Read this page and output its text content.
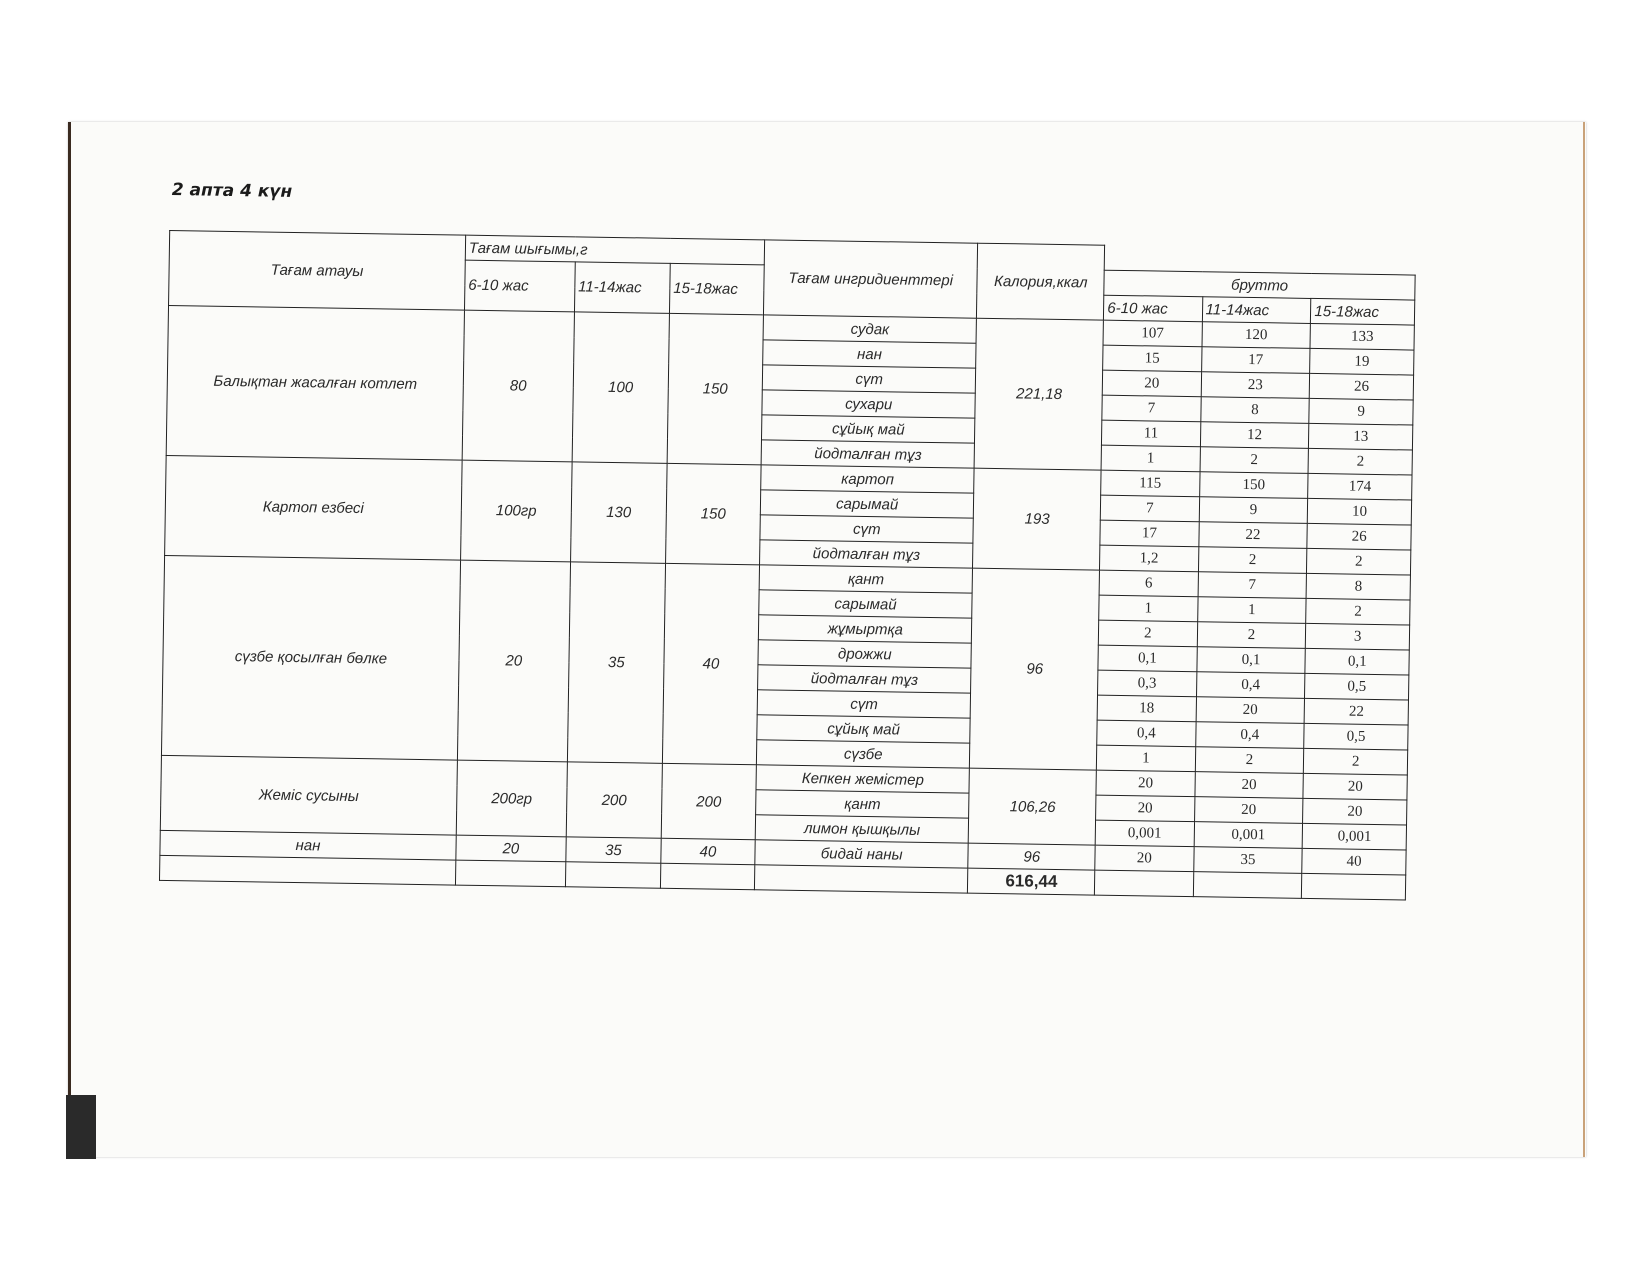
2 апта 4 күн
Тағам атауы	Тағам шығымы,г			Тағам ингридиенттері	Калория,ккал			
	6-10 жас	11-14жас	15-18жас			брутто		
						6-10 жас	11-14жас	15-18жас
Балықтан жасалған котлет	80	100	150	судак	221,18	107	120	133
				нан		15	17	19
				сүт		20	23	26
				сухари		7	8	9
				сұйық май		11	12	13
				йодталған тұз		1	2	2
Картоп езбесі	100гр	130	150	картоп	193	115	150	174
				сарымай		7	9	10
				сүт		17	22	26
				йодталған тұз		1,2	2	2
сүзбе қосылған бөлке	20	35	40	қант	96	6	7	8
				сарымай		1	1	2
				жұмыртқа		2	2	3
				дрожжи		0,1	0,1	0,1
				йодталған тұз		0,3	0,4	0,5
				сүт		18	20	22
				сұйық май		0,4	0,4	0,5
				сүзбе		1	2	2
Жеміс сусыны	200гр	200	200	Кепкен жемістер	106,26	20	20	20
				қант		20	20	20
				лимон қышқылы		0,001	0,001	0,001
нан	20	35	40	бидай наны	96	20	35	40
					616,44			
